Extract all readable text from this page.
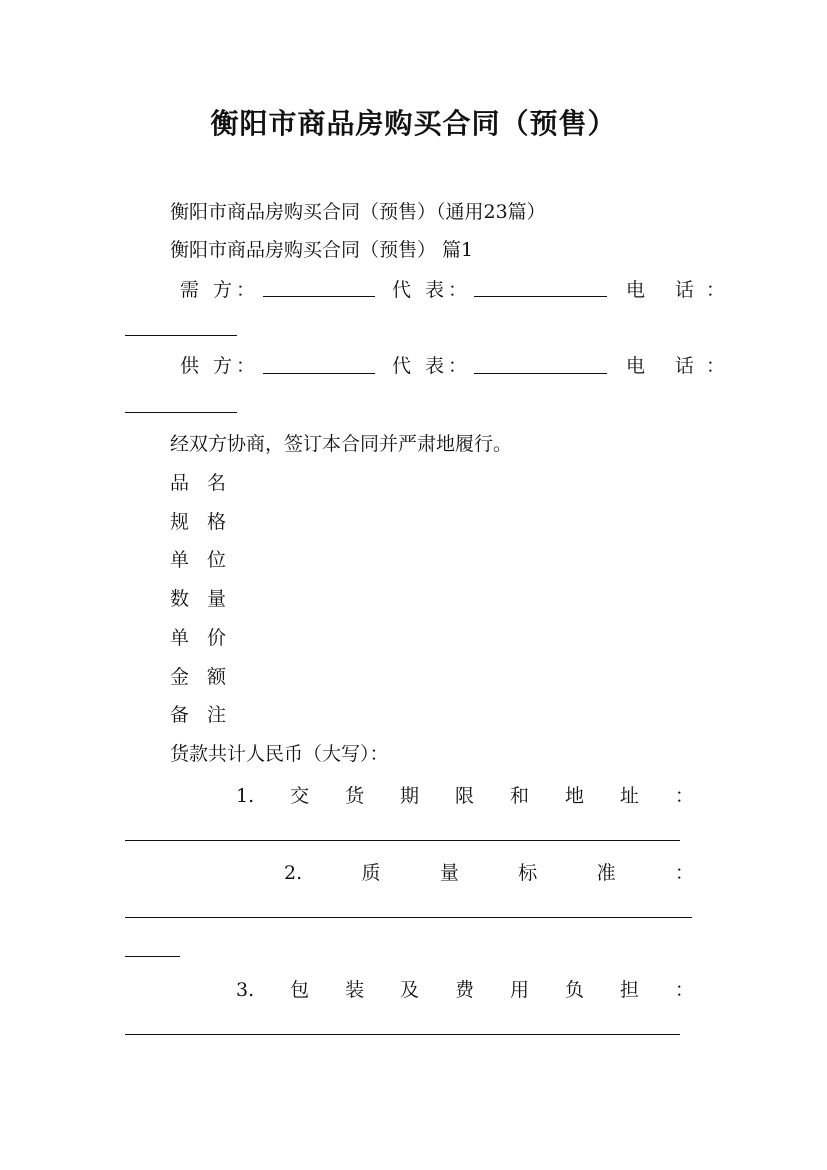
衡阳市商品房购买合同（预售）
衡阳市商品房购买合同（预售）（通用23篇）
衡阳市商品房购买合同（预售） 篇1
需 方：	代 表：	电 话：
供 方：	代 表：	电 话：
经双方协商，签订本合同并严肃地履行。
品 名
规 格
单 位
数 量
单 价
金 额
备 注
货款共计人民币（大写）：
1. 交 货 期 限 和 地 址 ：
2.	质	量	标	准	：
3. 包 装 及 费 用 负 担 ：
